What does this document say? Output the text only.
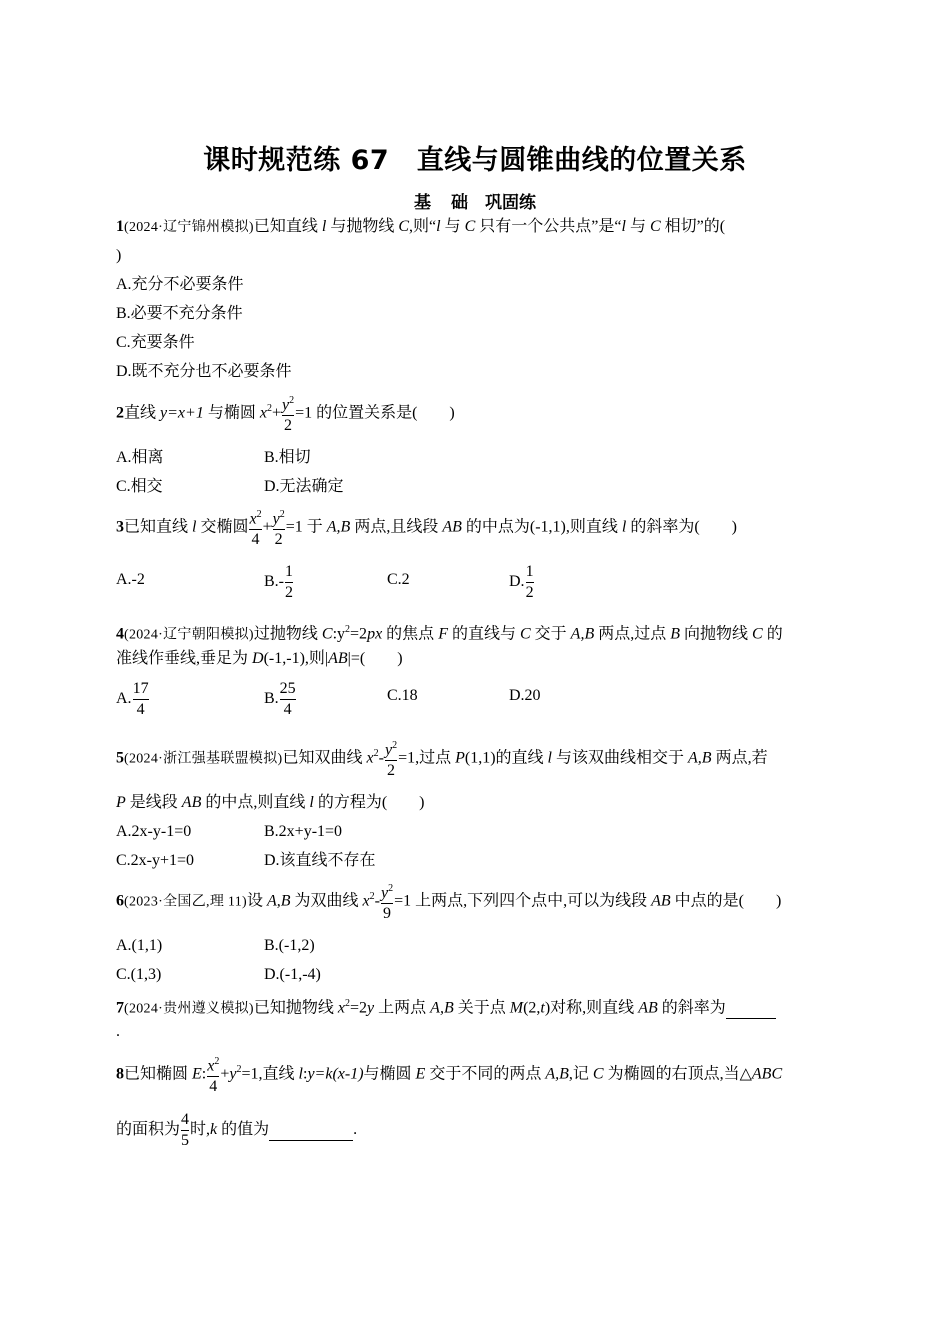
课时规范练 67　直线与圆锥曲线的位置关系
基 础　巩固练
1(2024·辽宁锦州模拟)已知直线 l 与抛物线 C,则“l 与 C 只有一个公共点”是“l 与 C 相切”的(
)
A.充分不必要条件
B.必要不充分条件
C.充要条件
D.既不充分也不必要条件
2直线 y=x+1 与椭圆 $x^2+ \frac{y^2}{2} =1$ 的位置关系是(　　)
A.相离	B.相切
C.相交	D.无法确定
3已知直线 l 交椭圆 $\frac{x^2}{4} + \frac{y^2}{2} =1$ 于 A,B 两点,且线段 AB 的中点为(-1,1),则直线 l 的斜率为(　　)
A.-2	$B.- \frac{1}{2}$	C.2	D. $\frac{1}{2}$
4(2024·辽宁朝阳模拟)过抛物线 $C:y^2=2px$ 的焦点 F 的直线与 C 交于 A,B 两点,过点 B 向抛物线 C 的
准线作垂线,垂足为 D(-1,-1),则|AB|=(　　)
A. $\frac{17}{4}$	B. $\frac{25}{4}$	C.18	D.20
5(2024·浙江强基联盟模拟)已知双曲线 $x^2- \frac{y^2}{2} =1$,过点 P(1,1)的直线 l 与该双曲线相交于 A,B 两点,若
P 是线段 AB 的中点,则直线 l 的方程为(　　)
A.2x-y-1=0	B.2x+y-1=0
C.2x-y+1=0	D.该直线不存在
6(2023·全国乙,理 11)设 A,B 为双曲线 $x^2- \frac{y^2}{9} =1$ 上两点,下列四个点中,可以为线段 AB 中点的是(　　)
A.(1,1)	B.(-1,2)
C.(1,3)	D.(-1,-4)
7(2024·贵州遵义模拟)已知抛物线 $x^2=2y$ 上两点 A,B 关于点 M(2,t)对称,则直线 AB 的斜率为
.
8已知椭圆 E: $\frac{x^2}{4} +y^2=1$,直线 l:y=k(x-1)与椭圆 E 交于不同的两点 A,B,记 C 为椭圆的右顶点,当△ABC
的面积为 $\frac{4}{5}$ 时,k 的值为	.
